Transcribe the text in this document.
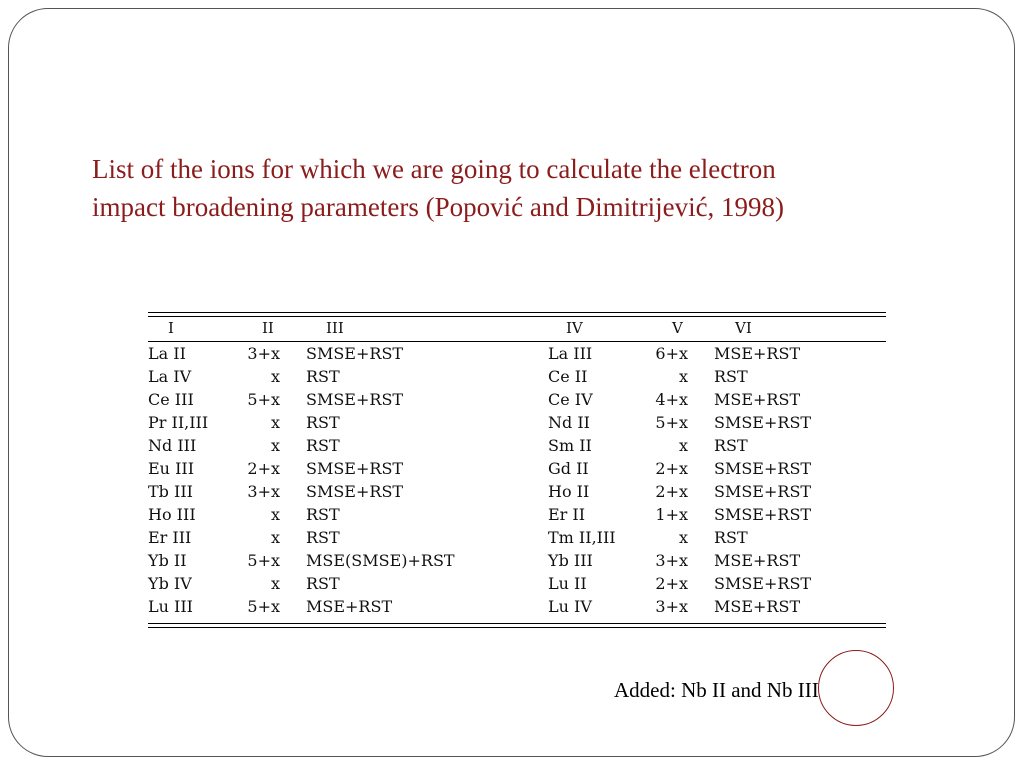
List of the ions for which we are going to calculate the electron
impact broadening parameters (Popović and Dimitrijević, 1998)
I	II	III	IV	V	VI
La II	3+x SMSE+RST	La III	6+x MSE+RST
La IV	x RST	Ce II	x RST
Ce III	5+x SMSE+RST	Ce IV	4+x MSE+RST
Pr II,III	x RST	Nd II	5+x SMSE+RST
Nd III	x RST	Sm II	x RST
Eu III	2+x SMSE+RST	Gd II	2+x SMSE+RST
Tb III	3+x SMSE+RST	Ho II	2+x SMSE+RST
Ho III	x RST	Er II	1+x SMSE+RST
Er III	x RST	Tm II,III	x RST
Yb II	5+x MSE(SMSE)+RST	Yb III	3+x MSE+RST
Yb IV	x RST	Lu II	2+x SMSE+RST
Lu III	5+x MSE+RST	Lu IV	3+x MSE+RST
Added: Nb II and Nb III
